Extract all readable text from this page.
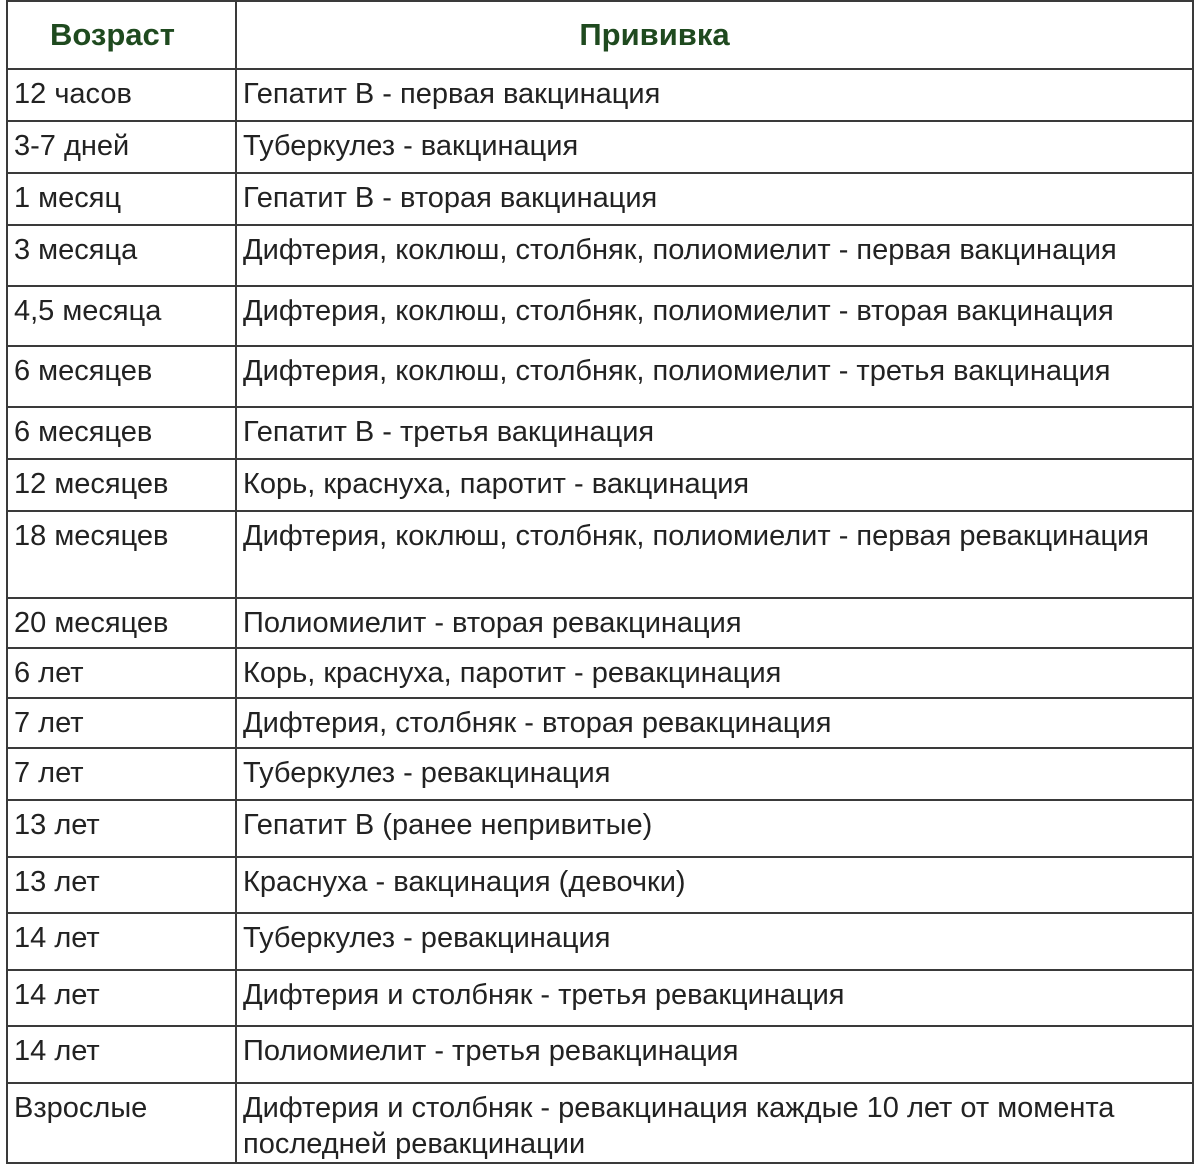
Возраст	Прививка
12 часов	Гепатит В - первая вакцинация
3-7 дней	Туберкулез - вакцинация
1 месяц	Гепатит В - вторая вакцинация
3 месяца	Дифтерия, коклюш, столбняк, полиомиелит - первая вакцинация
4,5 месяца	Дифтерия, коклюш, столбняк, полиомиелит - вторая вакцинация
6 месяцев	Дифтерия, коклюш, столбняк, полиомиелит - третья вакцинация
6 месяцев	Гепатит В - третья вакцинация
12 месяцев	Корь, краснуха, паротит - вакцинация
18 месяцев	Дифтерия, коклюш, столбняк, полиомиелит - первая ревакцинация
20 месяцев	Полиомиелит - вторая ревакцинация
6 лет	Корь, краснуха, паротит - ревакцинация
7 лет	Дифтерия, столбняк - вторая ревакцинация
7 лет	Туберкулез - ревакцинация
13 лет	Гепатит В (ранее непривитые)
13 лет	Краснуха - вакцинация (девочки)
14 лет	Туберкулез - ревакцинация
14 лет	Дифтерия и столбняк - третья ревакцинация
14 лет	Полиомиелит - третья ревакцинация
Взрослые	Дифтерия и столбняк - ревакцинация каждые 10 лет от момента последней ревакцинации
